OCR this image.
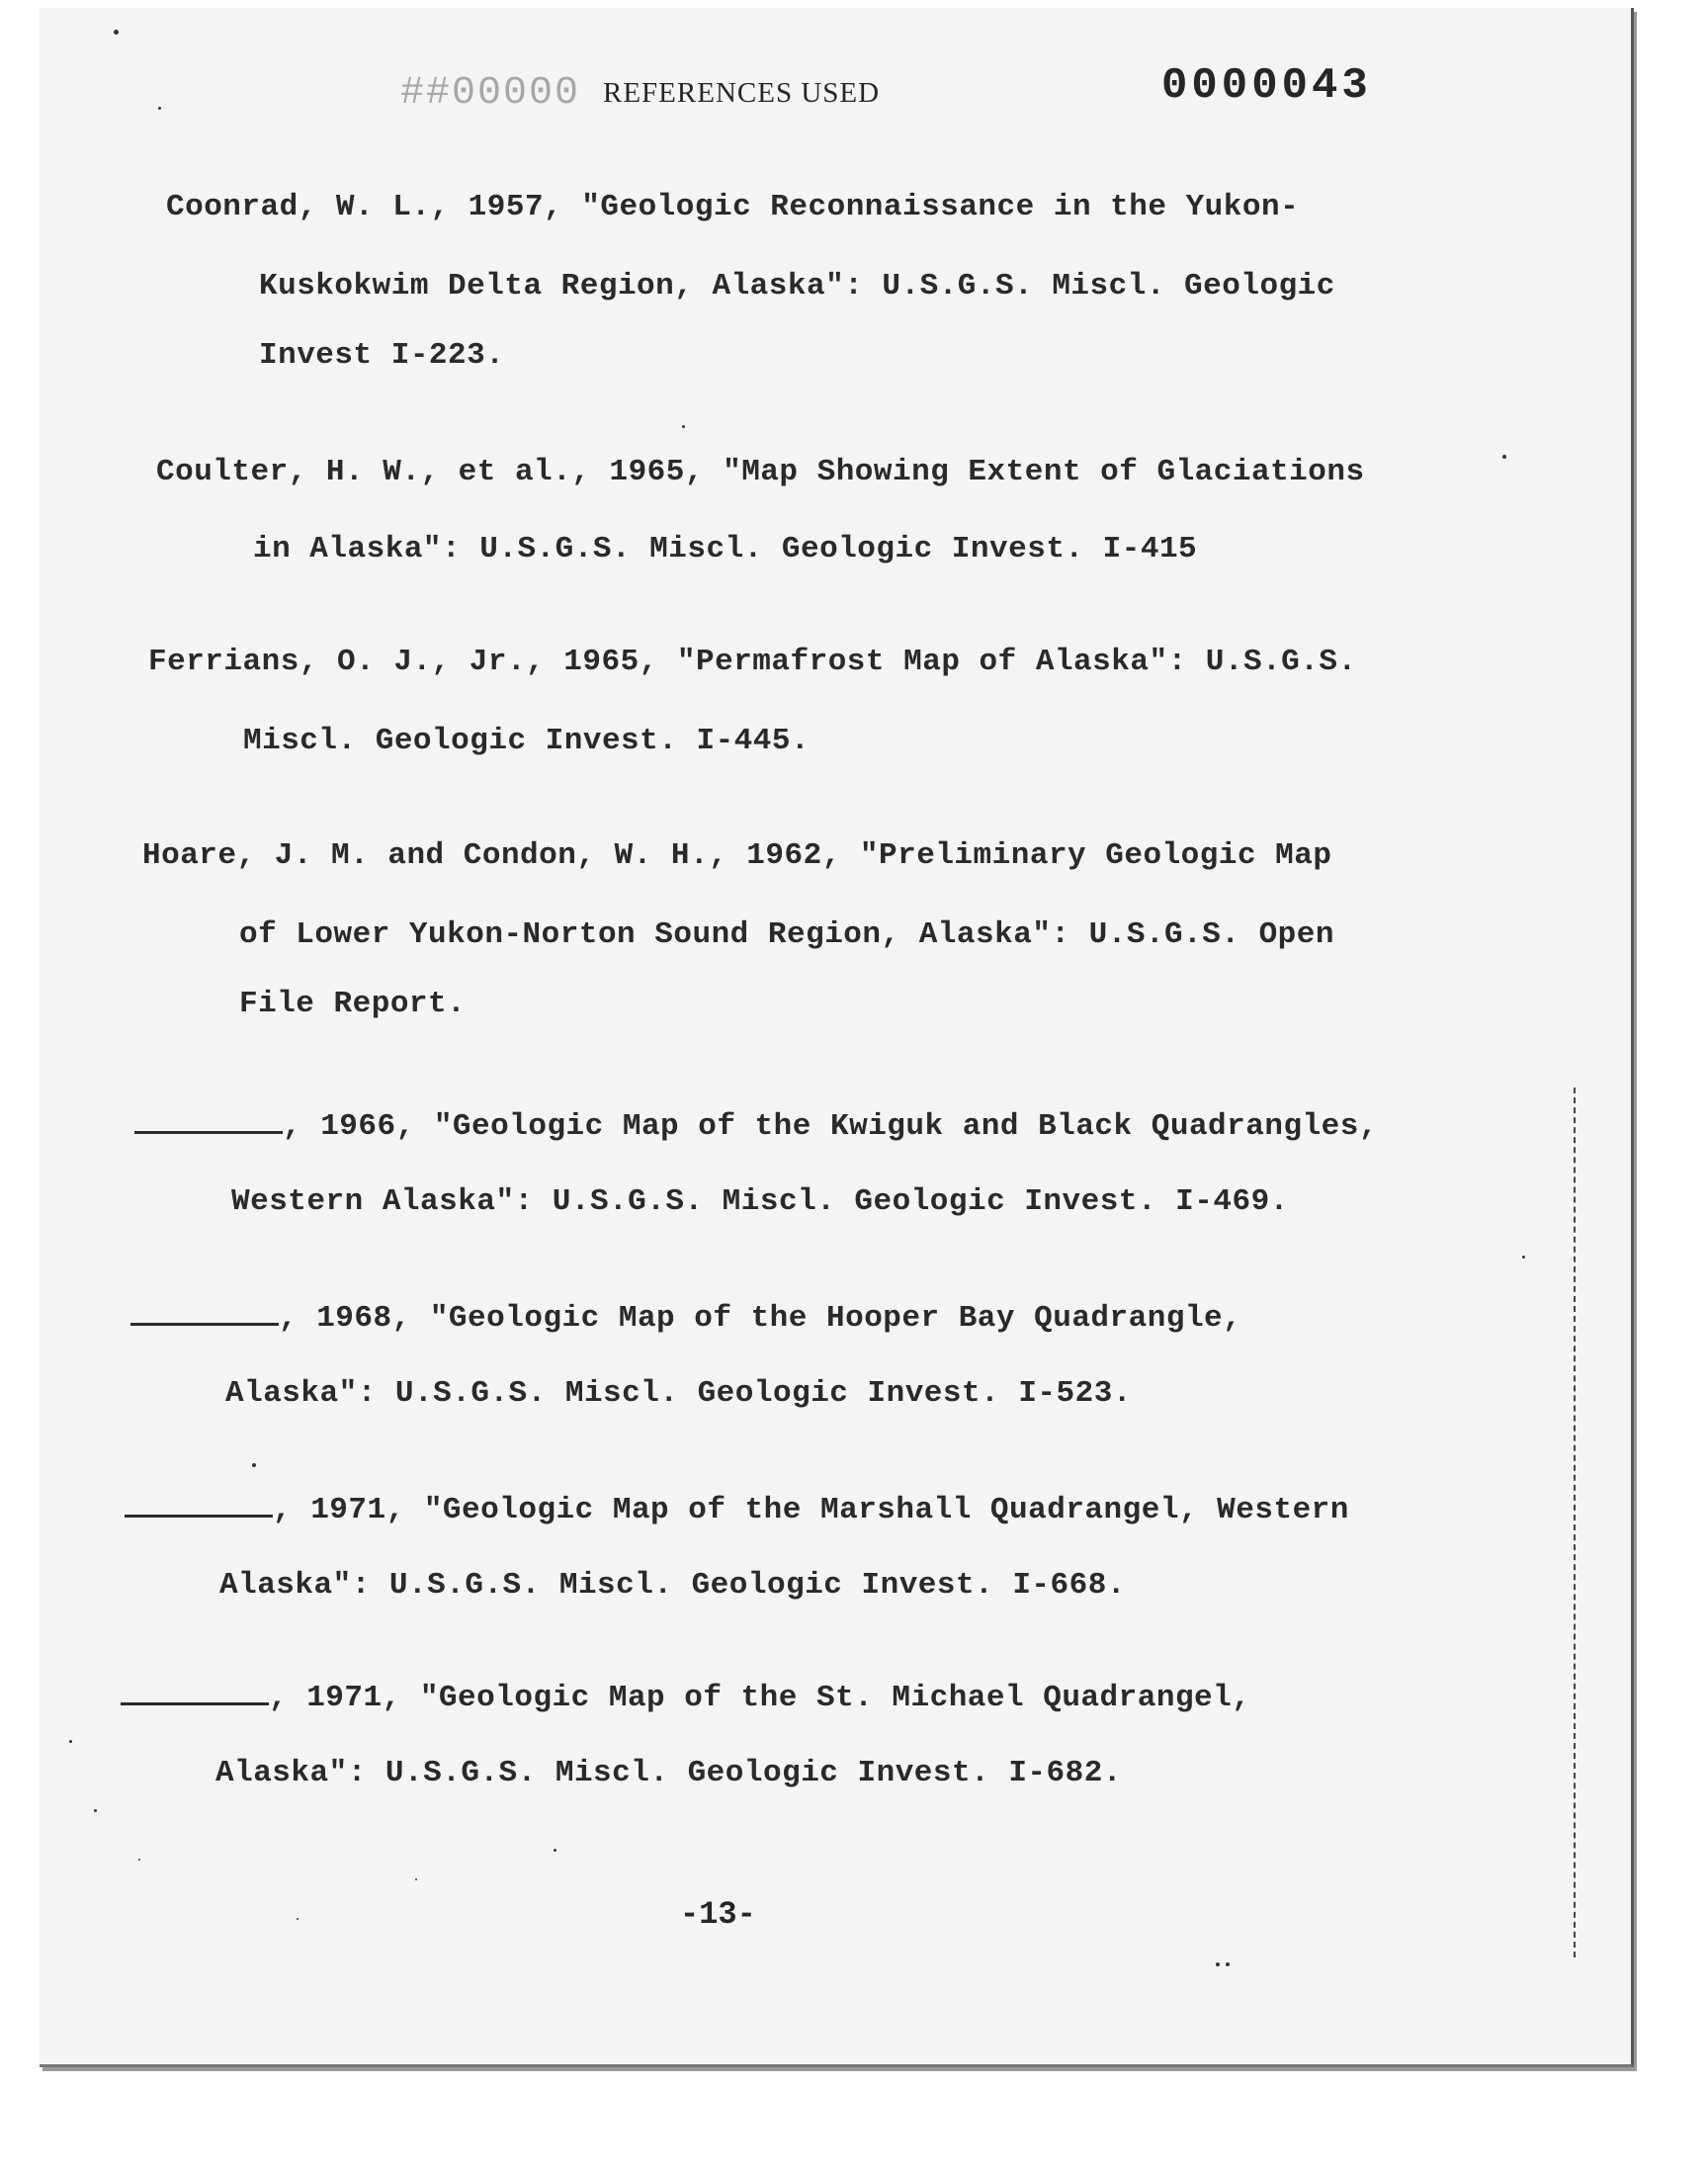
##00000 REFERENCES USED	0000043
Coonrad, W. L., 1957, "Geologic Reconnaissance in the Yukon-
Kuskokwim Delta Region, Alaska": U.S.G.S. Miscl. Geologic
Invest I-223.
Coulter, H. W., et al., 1965, "Map Showing Extent of Glaciations
in Alaska": U.S.G.S. Miscl. Geologic Invest. I-415
Ferrians, O. J., Jr., 1965, "Permafrost Map of Alaska": U.S.G.S.
Miscl. Geologic Invest. I-445.
Hoare, J. M. and Condon, W. H., 1962, "Preliminary Geologic Map
of Lower Yukon-Norton Sound Region, Alaska": U.S.G.S. Open
File Report.
, 1966, "Geologic Map of the Kwiguk and Black Quadrangles,
Western Alaska": U.S.G.S. Miscl. Geologic Invest. I-469.
, 1968, "Geologic Map of the Hooper Bay Quadrangle,
Alaska": U.S.G.S. Miscl. Geologic Invest. I-523.
, 1971, "Geologic Map of the Marshall Quadrangel, Western
Alaska": U.S.G.S. Miscl. Geologic Invest. I-668.
, 1971, "Geologic Map of the St. Michael Quadrangel,
Alaska": U.S.G.S. Miscl. Geologic Invest. I-682.
-13-
